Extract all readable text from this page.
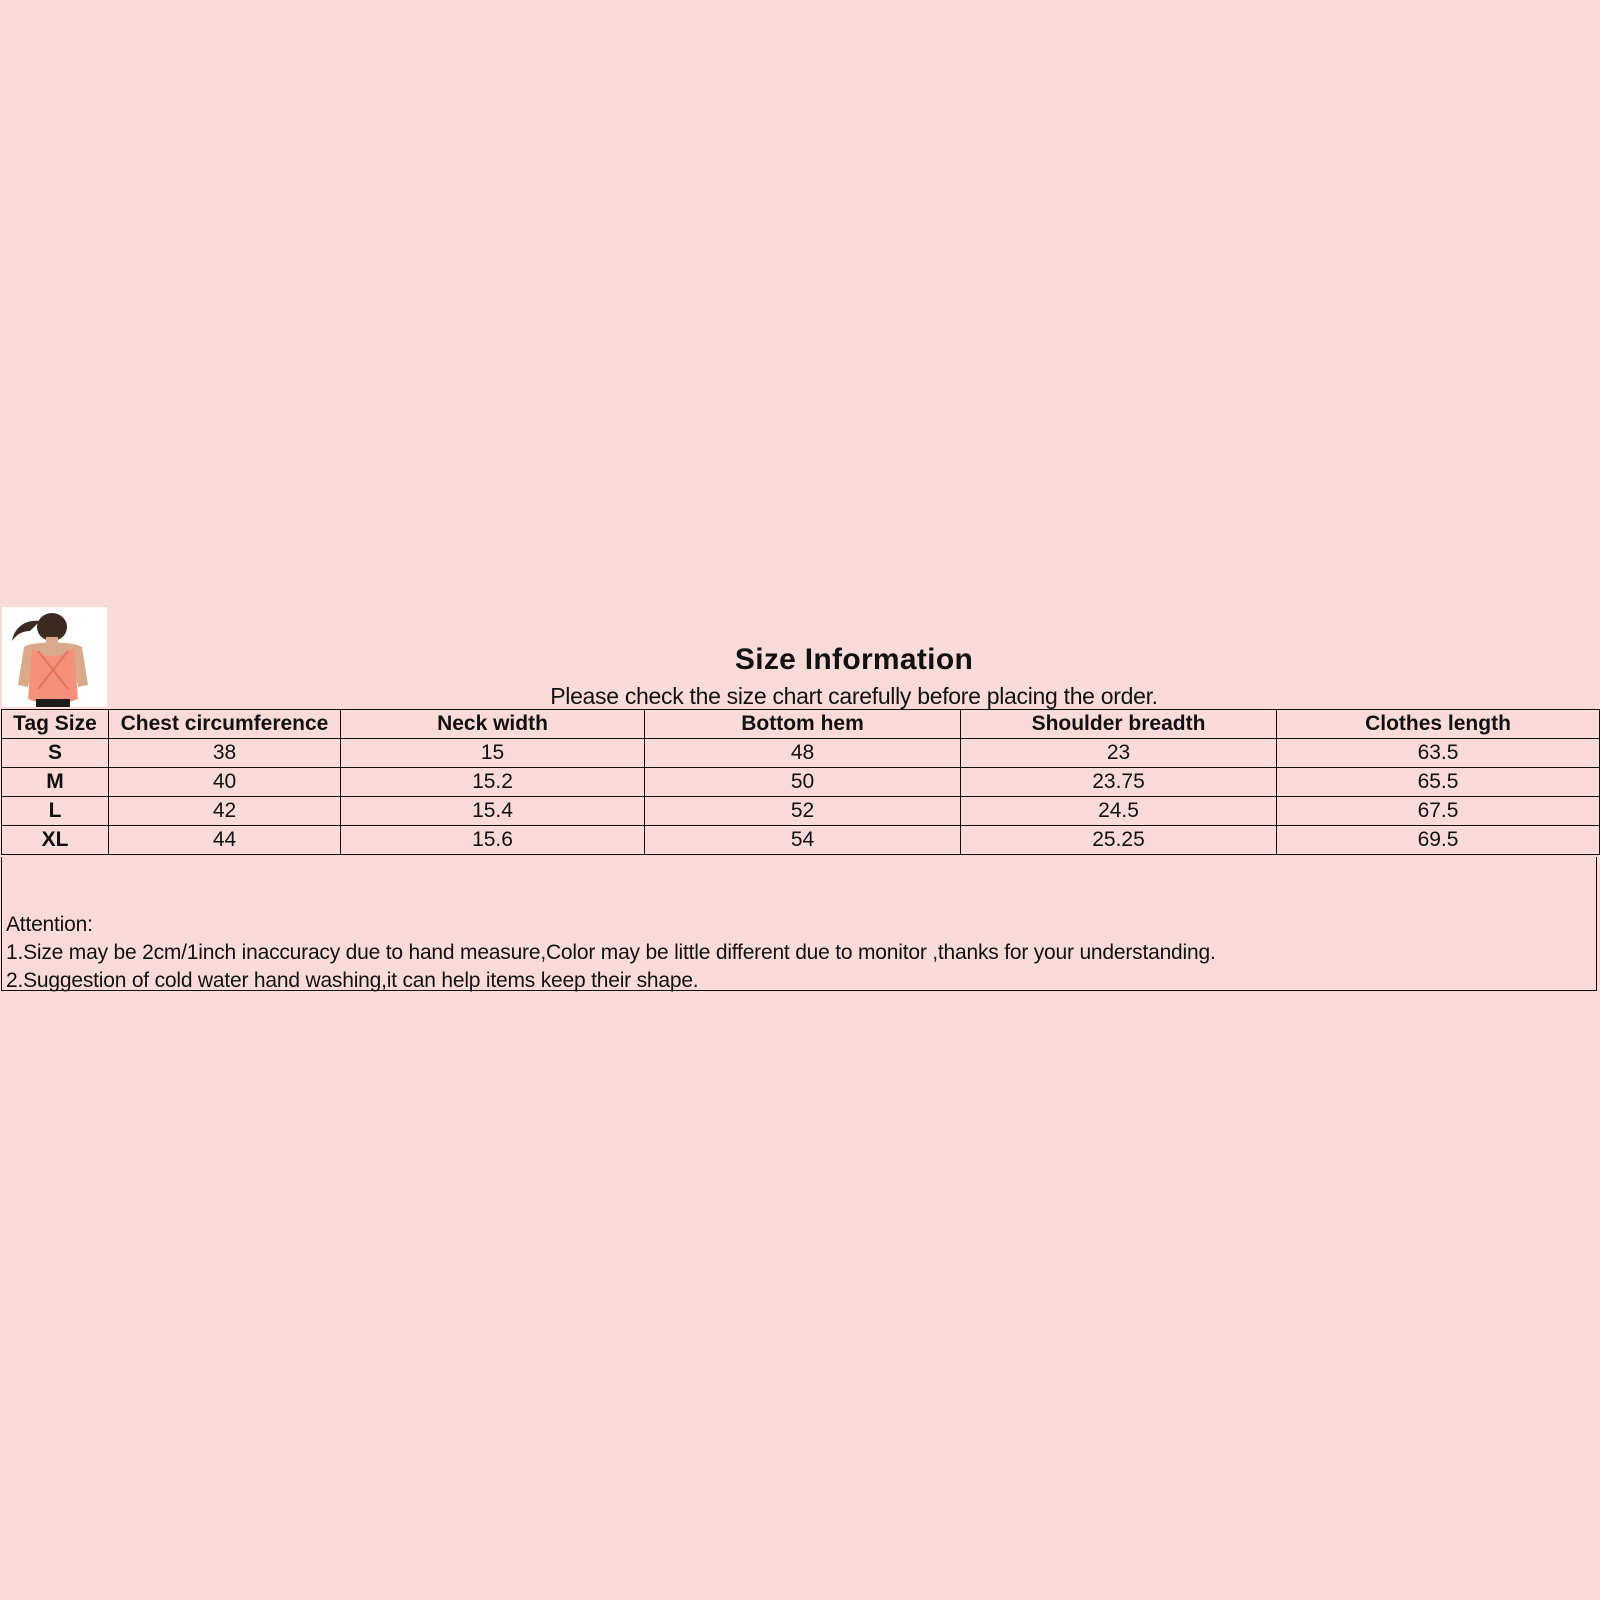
Size Information
Please check the size chart carefully before placing the order.
Tag Size	Chest circumference	Neck width	Bottom hem	Shoulder breadth	Clothes length
S	38	15	48	23	63.5
M	40	15.2	50	23.75	65.5
L	42	15.4	52	24.5	67.5
XL	44	15.6	54	25.25	69.5
Attention:
1.Size may be 2cm/1inch inaccuracy due to hand measure,Color may be little different due to monitor ,thanks for your understanding.
2.Suggestion of cold water hand washing,it can help items keep their shape.
